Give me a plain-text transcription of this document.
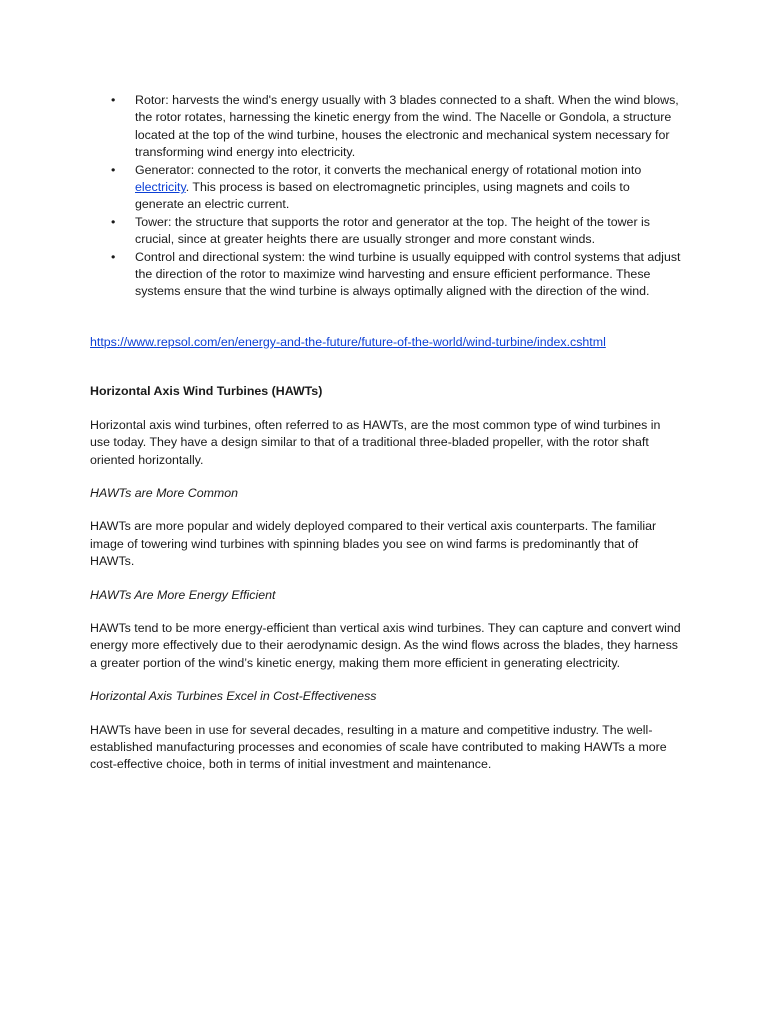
• Rotor: harvests the wind's energy usually with 3 blades connected to a shaft. When the wind blows, the rotor rotates, harnessing the kinetic energy from the wind. The Nacelle or Gondola, a structure located at the top of the wind turbine, houses the electronic and mechanical system necessary for transforming wind energy into electricity.
• Generator: connected to the rotor, it converts the mechanical energy of rotational motion into electricity. This process is based on electromagnetic principles, using magnets and coils to generate an electric current.
• Tower: the structure that supports the rotor and generator at the top. The height of the tower is crucial, since at greater heights there are usually stronger and more constant winds.
• Control and directional system: the wind turbine is usually equipped with control systems that adjust the direction of the rotor to maximize wind harvesting and ensure efficient performance. These systems ensure that the wind turbine is always optimally aligned with the direction of the wind.
https://www.repsol.com/en/energy-and-the-future/future-of-the-world/wind-turbine/index.cshtml
Horizontal Axis Wind Turbines (HAWTs)

Horizontal axis wind turbines, often referred to as HAWTs, are the most common type of wind turbines in use today. They have a design similar to that of a traditional three-bladed propeller, with the rotor shaft oriented horizontally.

HAWTs are More Common

HAWTs are more popular and widely deployed compared to their vertical axis counterparts. The familiar image of towering wind turbines with spinning blades you see on wind farms is predominantly that of HAWTs.

HAWTs Are More Energy Efficient

HAWTs tend to be more energy-efficient than vertical axis wind turbines. They can capture and convert wind energy more effectively due to their aerodynamic design. As the wind flows across the blades, they harness a greater portion of the wind’s kinetic energy, making them more efficient in generating electricity.

Horizontal Axis Turbines Excel in Cost-Effectiveness

HAWTs have been in use for several decades, resulting in a mature and competitive industry. The well-established manufacturing processes and economies of scale have contributed to making HAWTs a more cost-effective choice, both in terms of initial investment and maintenance.
